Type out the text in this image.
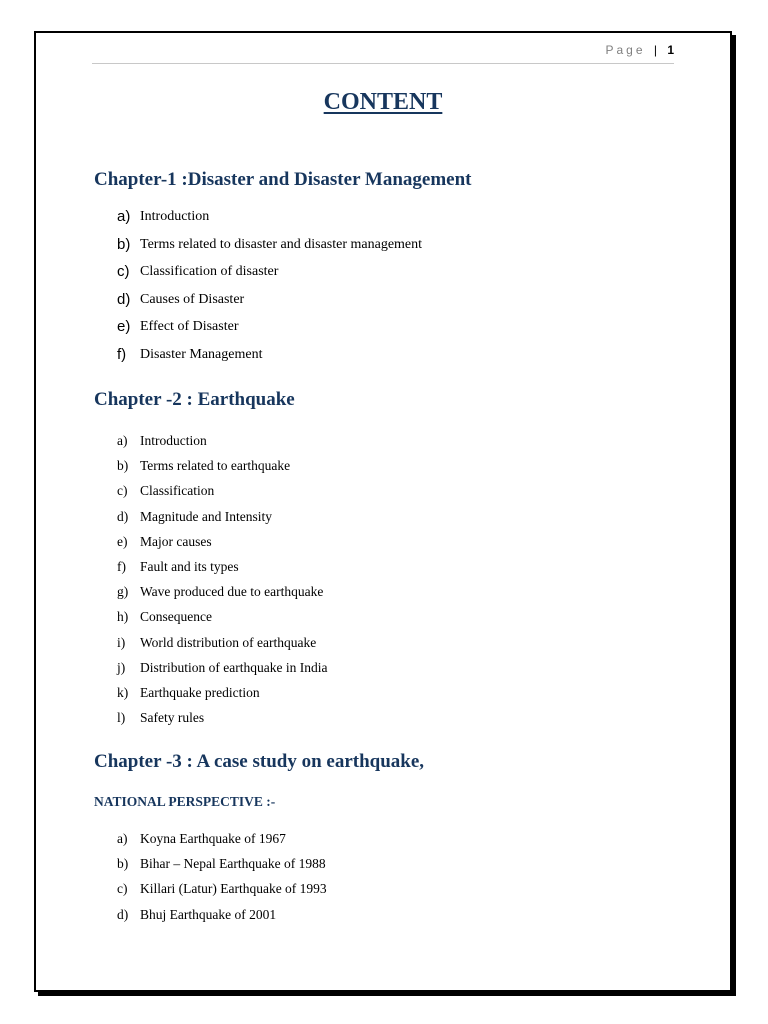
Page | 1
CONTENT
Chapter-1 :Disaster and Disaster Management
a) Introduction
b) Terms related to disaster and disaster management
c) Classification of disaster
d) Causes of Disaster
e) Effect of Disaster
f) Disaster Management
Chapter -2 : Earthquake
a) Introduction
b) Terms related to earthquake
c) Classification
d) Magnitude and Intensity
e) Major causes
f) Fault and its types
g) Wave produced due to earthquake
h) Consequence
i) World distribution of earthquake
j) Distribution of earthquake in India
k) Earthquake prediction
l) Safety rules
Chapter -3 : A case study on earthquake,
NATIONAL PERSPECTIVE :-
a) Koyna Earthquake of 1967
b) Bihar – Nepal Earthquake of 1988
c) Killari (Latur) Earthquake of 1993
d) Bhuj Earthquake of 2001
